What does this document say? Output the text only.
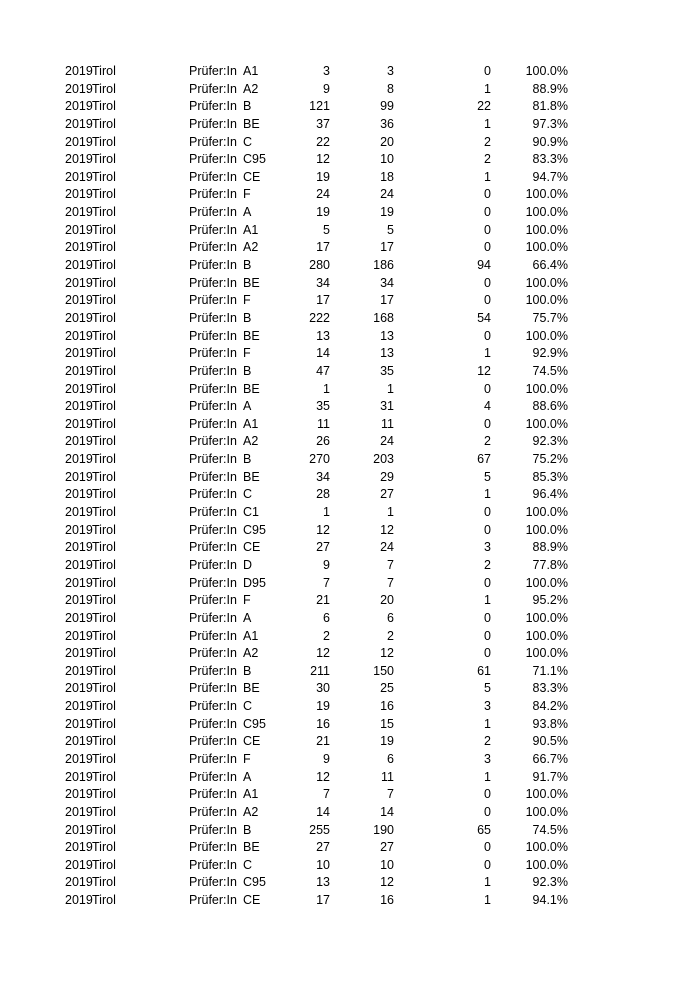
2019 Tirol	Prüfer:In A1	3	3	0	100.0%
2019 Tirol	Prüfer:In A2	9	8	1	88.9%
2019 Tirol	Prüfer:In B	121	99	22	81.8%
2019 Tirol	Prüfer:In BE	37	36	1	97.3%
2019 Tirol	Prüfer:In C	22	20	2	90.9%
2019 Tirol	Prüfer:In C95	12	10	2	83.3%
2019 Tirol	Prüfer:In CE	19	18	1	94.7%
2019 Tirol	Prüfer:In F	24	24	0	100.0%
2019 Tirol	Prüfer:In A	19	19	0	100.0%
2019 Tirol	Prüfer:In A1	5	5	0	100.0%
2019 Tirol	Prüfer:In A2	17	17	0	100.0%
2019 Tirol	Prüfer:In B	280	186	94	66.4%
2019 Tirol	Prüfer:In BE	34	34	0	100.0%
2019 Tirol	Prüfer:In F	17	17	0	100.0%
2019 Tirol	Prüfer:In B	222	168	54	75.7%
2019 Tirol	Prüfer:In BE	13	13	0	100.0%
2019 Tirol	Prüfer:In F	14	13	1	92.9%
2019 Tirol	Prüfer:In B	47	35	12	74.5%
2019 Tirol	Prüfer:In BE	1	1	0	100.0%
2019 Tirol	Prüfer:In A	35	31	4	88.6%
2019 Tirol	Prüfer:In A1	11	11	0	100.0%
2019 Tirol	Prüfer:In A2	26	24	2	92.3%
2019 Tirol	Prüfer:In B	270	203	67	75.2%
2019 Tirol	Prüfer:In BE	34	29	5	85.3%
2019 Tirol	Prüfer:In C	28	27	1	96.4%
2019 Tirol	Prüfer:In C1	1	1	0	100.0%
2019 Tirol	Prüfer:In C95	12	12	0	100.0%
2019 Tirol	Prüfer:In CE	27	24	3	88.9%
2019 Tirol	Prüfer:In D	9	7	2	77.8%
2019 Tirol	Prüfer:In D95	7	7	0	100.0%
2019 Tirol	Prüfer:In F	21	20	1	95.2%
2019 Tirol	Prüfer:In A	6	6	0	100.0%
2019 Tirol	Prüfer:In A1	2	2	0	100.0%
2019 Tirol	Prüfer:In A2	12	12	0	100.0%
2019 Tirol	Prüfer:In B	211	150	61	71.1%
2019 Tirol	Prüfer:In BE	30	25	5	83.3%
2019 Tirol	Prüfer:In C	19	16	3	84.2%
2019 Tirol	Prüfer:In C95	16	15	1	93.8%
2019 Tirol	Prüfer:In CE	21	19	2	90.5%
2019 Tirol	Prüfer:In F	9	6	3	66.7%
2019 Tirol	Prüfer:In A	12	11	1	91.7%
2019 Tirol	Prüfer:In A1	7	7	0	100.0%
2019 Tirol	Prüfer:In A2	14	14	0	100.0%
2019 Tirol	Prüfer:In B	255	190	65	74.5%
2019 Tirol	Prüfer:In BE	27	27	0	100.0%
2019 Tirol	Prüfer:In C	10	10	0	100.0%
2019 Tirol	Prüfer:In C95	13	12	1	92.3%
2019 Tirol	Prüfer:In CE	17	16	1	94.1%
